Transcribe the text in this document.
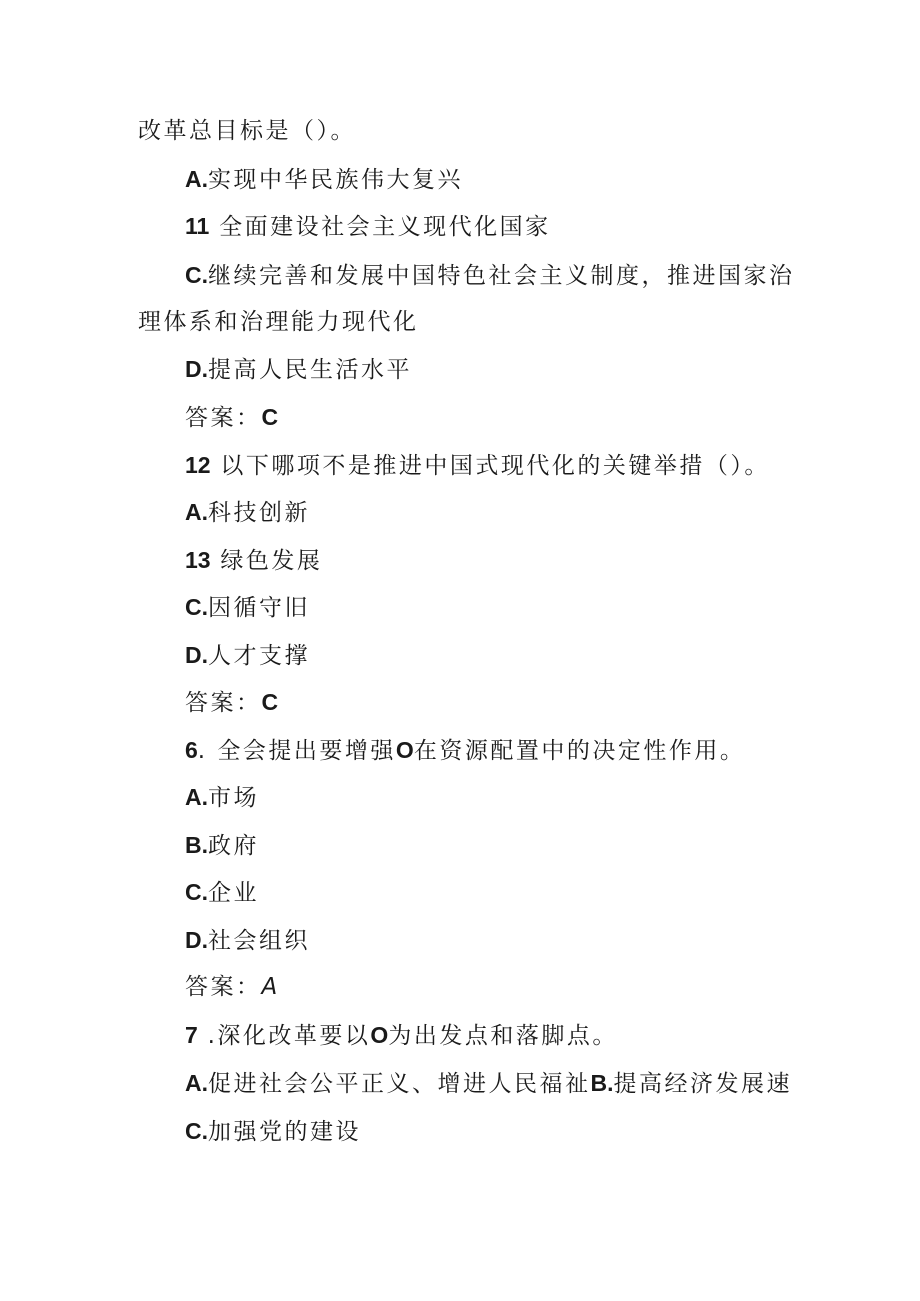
改革总目标是（）。
A.实现中华民族伟大复兴
11 全面建设社会主义现代化国家
C.继续完善和发展中国特色社会主义制度，推进国家治
理体系和治理能力现代化
D.提高人民生活水平
答案：C
12 以下哪项不是推进中国式现代化的关键举措（）。
A.科技创新
13 绿色发展
C.因循守旧
D.人才支撑
答案：C
6. 全会提出要增强O在资源配置中的决定性作用。
A.市场
B.政府
C.企业
D.社会组织
答案：A
7 .深化改革要以O为出发点和落脚点。
A.促进社会公平正义、增进人民福祉B.提高经济发展速
C.加强党的建设
